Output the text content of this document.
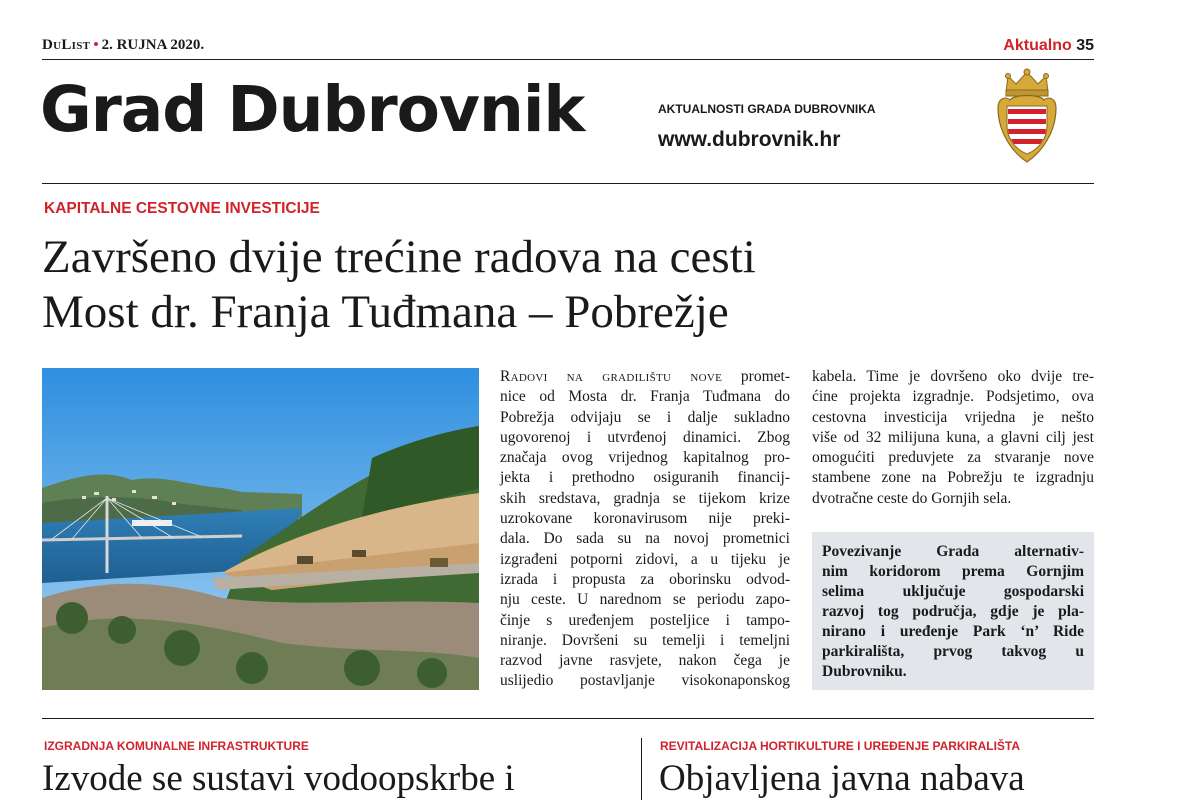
DuList • 2. RUJNA 2020.	Aktualno 35
Grad Dubrovnik	AKTUALNOSTI GRADA DUBROVNIKA
www.dubrovnik.hr
KAPITALNE CESTOVNE INVESTICIJE
Završeno dvije trećine radova na cesti
Most dr. Franja Tuđmana – Pobrežje
Radovi na gradilištu nove promet-
nice od Mosta dr. Franja Tuđmana do
Pobrežja odvijaju se i dalje sukladno
ugovorenoj i utvrđenoj dinamici. Zbog
značaja ovog vrijednog kapitalnog pro-
jekta i prethodno osiguranih financij-
skih sredstava, gradnja se tijekom krize
uzrokovane koronavirusom nije preki-
dala. Do sada su na novoj prometnici
izgrađeni potporni zidovi, a u tijeku je
izrada i propusta za oborinsku odvod-
nju ceste. U narednom se periodu zapo-
činje s uređenjem posteljice i tampo-
niranje. Dovršeni su temelji i temeljni
razvod javne rasvjete, nakon čega je
uslijedio postavljanje visokonaponskog
kabela. Time je dovršeno oko dvije tre-
ćine projekta izgradnje. Podsjetimo, ova
cestovna investicija vrijedna je nešto
više od 32 milijuna kuna, a glavni cilj jest
omogućiti preduvjete za stvaranje nove
stambene zone na Pobrežju te izgradnju
dvotračne ceste do Gornjih sela.
Povezivanje Grada alternativ-
nim koridorom prema Gornjim
selima uključuje gospodarski
razvoj tog područja, gdje je pla-
nirano i uređenje Park ‘n’ Ride
parkirališta, prvog takvog u
Dubrovniku.
IZGRADNJA KOMUNALNE INFRASTRUKTURE
Izvode se sustavi vodoopskrbe i
REVITALIZACIJA HORTIKULTURE I UREĐENJE PARKIRALIŠTA
Objavljena javna nabava
